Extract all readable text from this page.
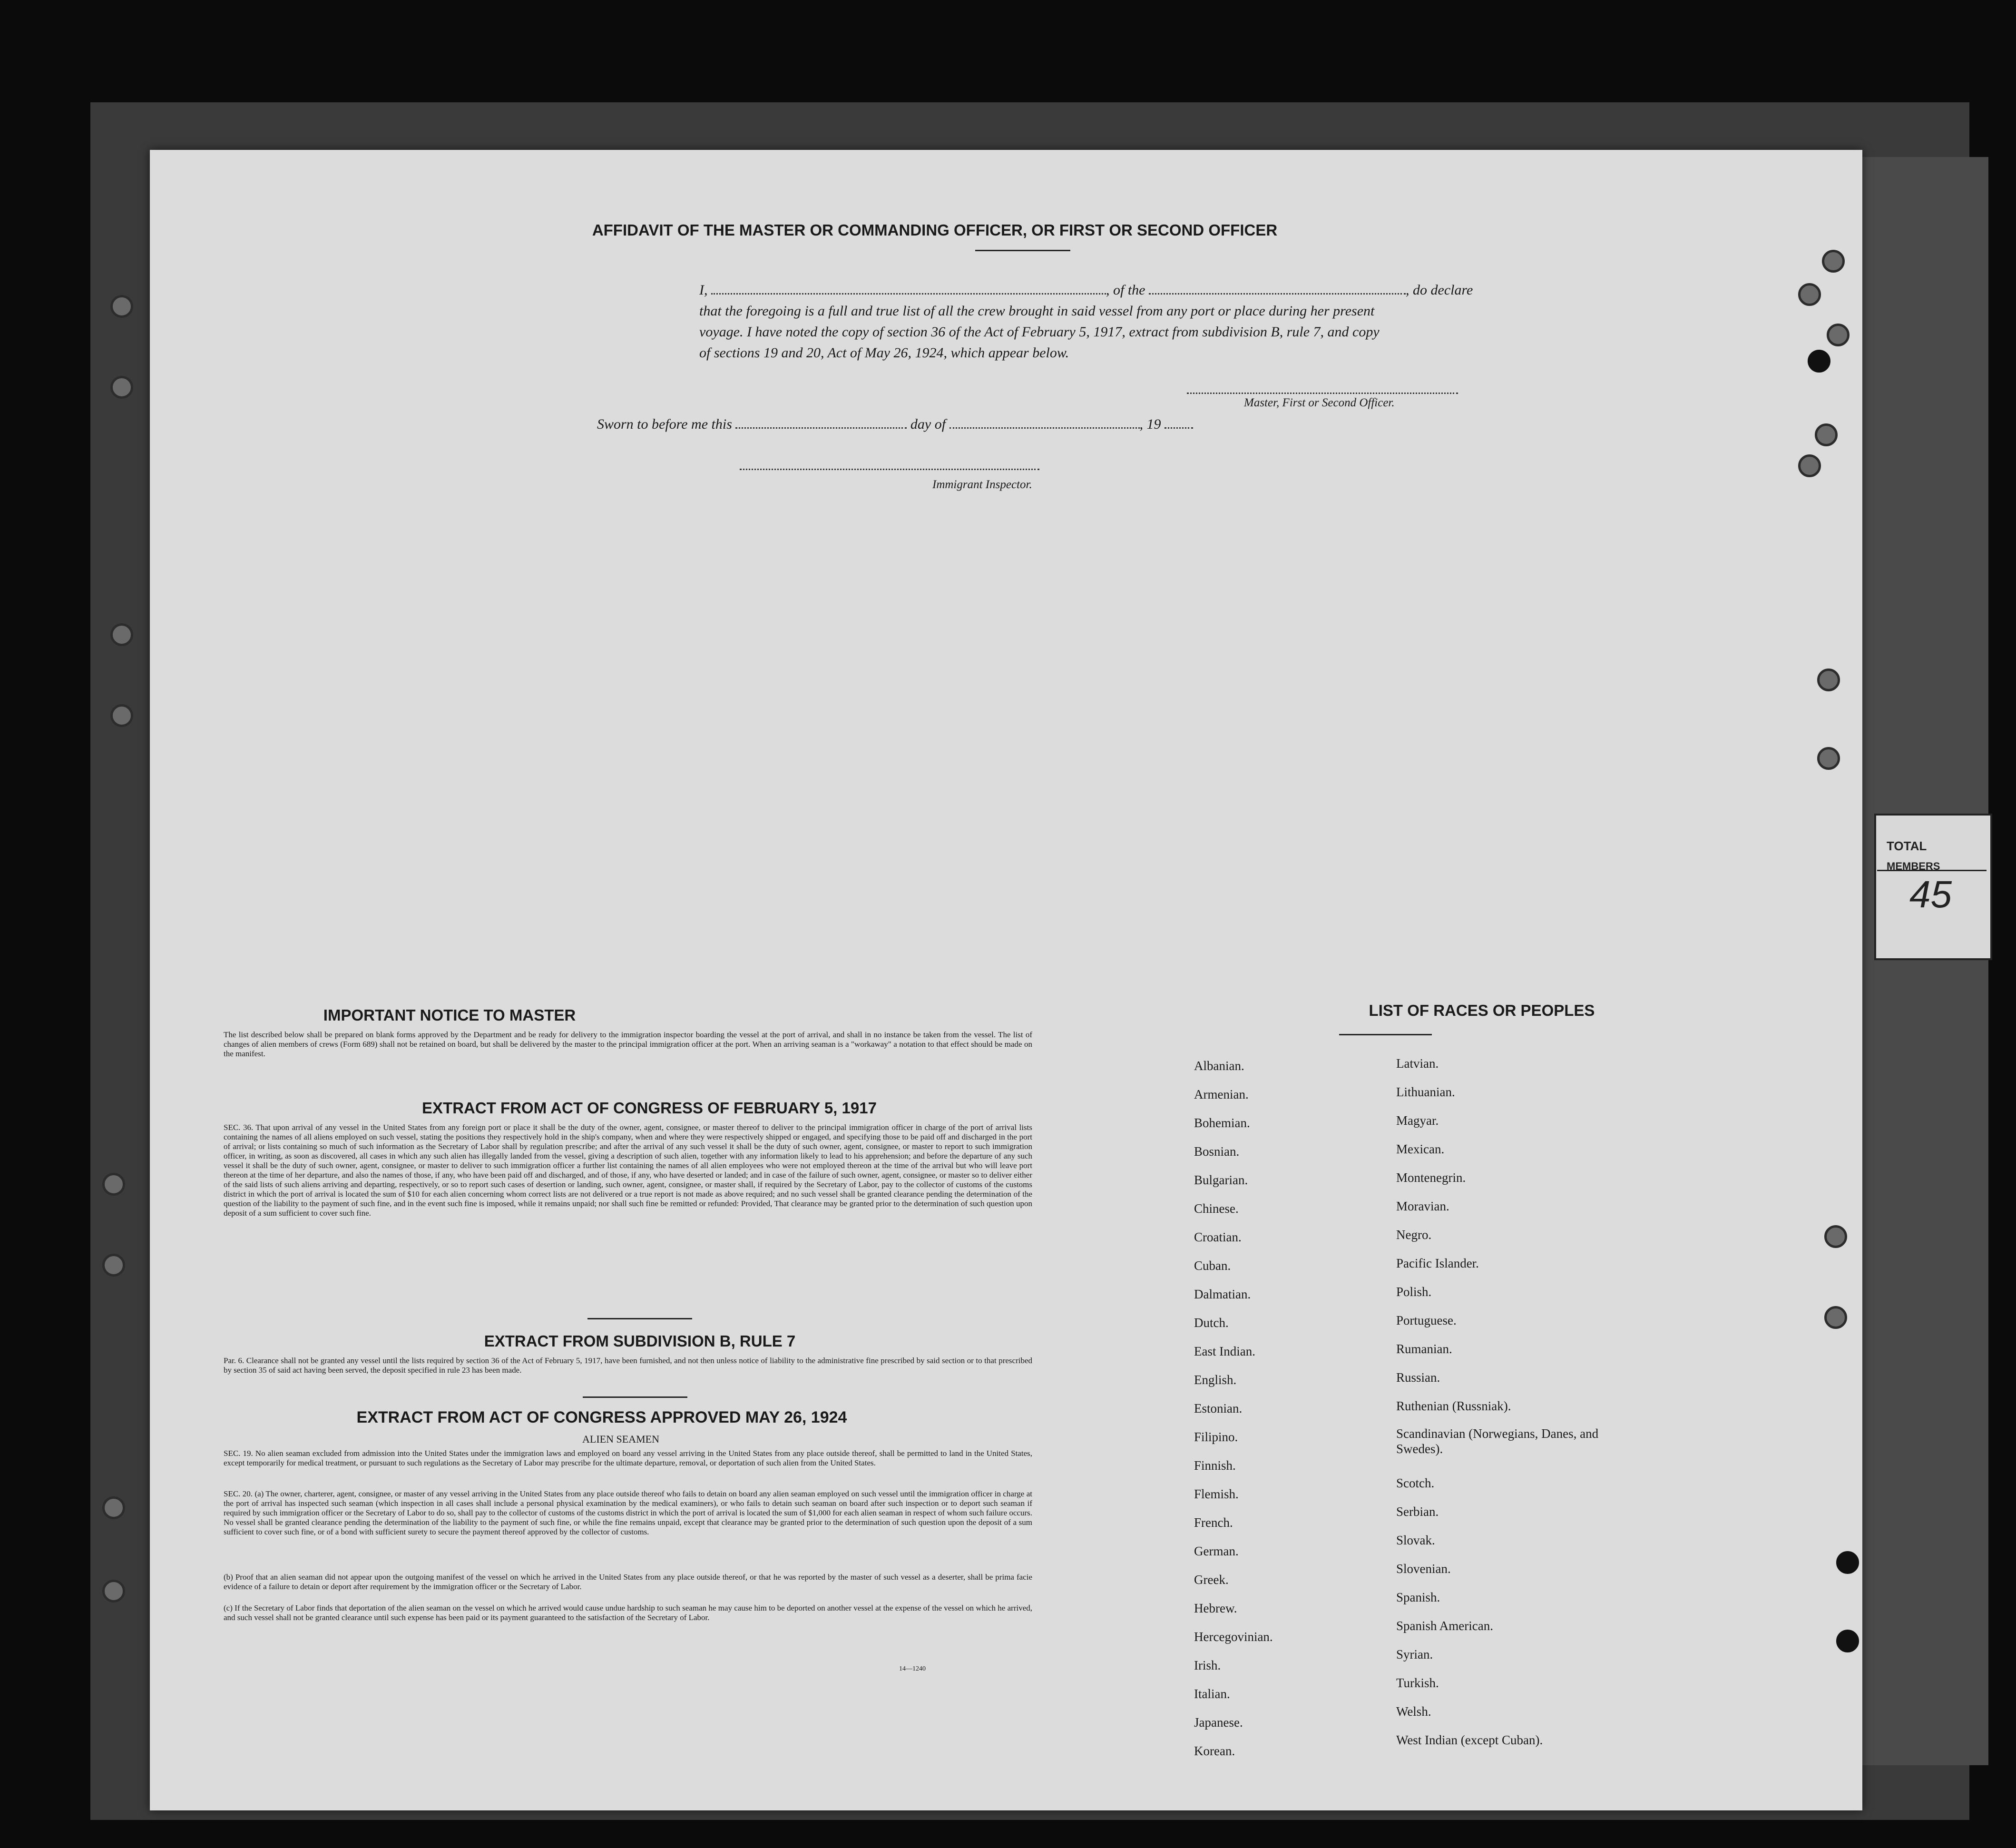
AFFIDAVIT OF THE MASTER OR COMMANDING OFFICER, OR FIRST OR SECOND OFFICER
I,	, of the	, do declare
that the foregoing is a full and true list of all the crew brought in said vessel from any port or place during her present
voyage. I have noted the copy of section 36 of the Act of February 5, 1917, extract from subdivision B, rule 7, and copy
of sections 19 and 20, Act of May 26, 1924, which appear below.
Master, First or Second Officer.
Sworn to before me this	day of	, 19
Immigrant Inspector.
IMPORTANT NOTICE TO MASTER
The list described below shall be prepared on blank forms approved by the Department and be ready for delivery to the immigration inspector boarding the vessel at the port of arrival, and shall in no instance be taken from the vessel. The list of changes of alien members of crews (Form 689) shall not be retained on board, but shall be delivered by the master to the principal immigration officer at the port. When an arriving seaman is a "workaway" a notation to that effect should be made on the manifest.
EXTRACT FROM ACT OF CONGRESS OF FEBRUARY 5, 1917
SEC. 36. That upon arrival of any vessel in the United States from any foreign port or place it shall be the duty of the owner, agent, consignee, or master thereof to deliver to the principal immigration officer in charge of the port of arrival lists containing the names of all aliens employed on such vessel, stating the positions they respectively hold in the ship's company, when and where they were respectively shipped or engaged, and specifying those to be paid off and discharged in the port of arrival; or lists containing so much of such information as the Secretary of Labor shall by regulation prescribe; and after the arrival of any such vessel it shall be the duty of such owner, agent, consignee, or master to report to such immigration officer, in writing, as soon as discovered, all cases in which any such alien has illegally landed from the vessel, giving a description of such alien, together with any information likely to lead to his apprehension; and before the departure of any such vessel it shall be the duty of such owner, agent, consignee, or master to deliver to such immigration officer a further list containing the names of all alien employees who were not employed thereon at the time of the arrival but who will leave port thereon at the time of her departure, and also the names of those, if any, who have been paid off and discharged, and of those, if any, who have deserted or landed; and in case of the failure of such owner, agent, consignee, or master so to deliver either of the said lists of such aliens arriving and departing, respectively, or so to report such cases of desertion or landing, such owner, agent, consignee, or master shall, if required by the Secretary of Labor, pay to the collector of customs of the customs district in which the port of arrival is located the sum of $10 for each alien concerning whom correct lists are not delivered or a true report is not made as above required; and no such vessel shall be granted clearance pending the determination of the question of the liability to the payment of such fine, and in the event such fine is imposed, while it remains unpaid; nor shall such fine be remitted or refunded: Provided, That clearance may be granted prior to the determination of such question upon deposit of a sum sufficient to cover such fine.
EXTRACT FROM SUBDIVISION B, RULE 7
Par. 6. Clearance shall not be granted any vessel until the lists required by section 36 of the Act of February 5, 1917, have been furnished, and not then unless notice of liability to the administrative fine prescribed by said section or to that prescribed by section 35 of said act having been served, the deposit specified in rule 23 has been made.
EXTRACT FROM ACT OF CONGRESS APPROVED MAY 26, 1924
ALIEN SEAMEN
SEC. 19. No alien seaman excluded from admission into the United States under the immigration laws and employed on board any vessel arriving in the United States from any place outside thereof, shall be permitted to land in the United States, except temporarily for medical treatment, or pursuant to such regulations as the Secretary of Labor may prescribe for the ultimate departure, removal, or deportation of such alien from the United States.
SEC. 20. (a) The owner, charterer, agent, consignee, or master of any vessel arriving in the United States from any place outside thereof who fails to detain on board any alien seaman employed on such vessel until the immigration officer in charge at the port of arrival has inspected such seaman (which inspection in all cases shall include a personal physical examination by the medical examiners), or who fails to detain such seaman on board after such inspection or to deport such seaman if required by such immigration officer or the Secretary of Labor to do so, shall pay to the collector of customs of the customs district in which the port of arrival is located the sum of $1,000 for each alien seaman in respect of whom such failure occurs. No vessel shall be granted clearance pending the determination of the liability to the payment of such fine, or while the fine remains unpaid, except that clearance may be granted prior to the determination of such question upon the deposit of a sum sufficient to cover such fine, or of a bond with sufficient surety to secure the payment thereof approved by the collector of customs.
(b) Proof that an alien seaman did not appear upon the outgoing manifest of the vessel on which he arrived in the United States from any place outside thereof, or that he was reported by the master of such vessel as a deserter, shall be prima facie evidence of a failure to detain or deport after requirement by the immigration officer or the Secretary of Labor.
(c) If the Secretary of Labor finds that deportation of the alien seaman on the vessel on which he arrived would cause undue hardship to such seaman he may cause him to be deported on another vessel at the expense of the vessel on which he arrived, and such vessel shall not be granted clearance until such expense has been paid or its payment guaranteed to the satisfaction of the Secretary of Labor.
14—1240
LIST OF RACES OR PEOPLES
Albanian.
Armenian.
Bohemian.
Bosnian.
Bulgarian.
Chinese.
Croatian.
Cuban.
Dalmatian.
Dutch.
East Indian.
English.
Estonian.
Filipino.
Finnish.
Flemish.
French.
German.
Greek.
Hebrew.
Hercegovinian.
Irish.
Italian.
Japanese.
Korean.
Latvian.
Lithuanian.
Magyar.
Mexican.
Montenegrin.
Moravian.
Negro.
Pacific Islander.
Polish.
Portuguese.
Rumanian.
Russian.
Ruthenian (Russniak).
Scandinavian (Norwegians, Danes, and Swedes).
Scotch.
Serbian.
Slovak.
Slovenian.
Spanish.
Spanish American.
Syrian.
Turkish.
Welsh.
West Indian (except Cuban).
TOTAL
MEMBERS
45
